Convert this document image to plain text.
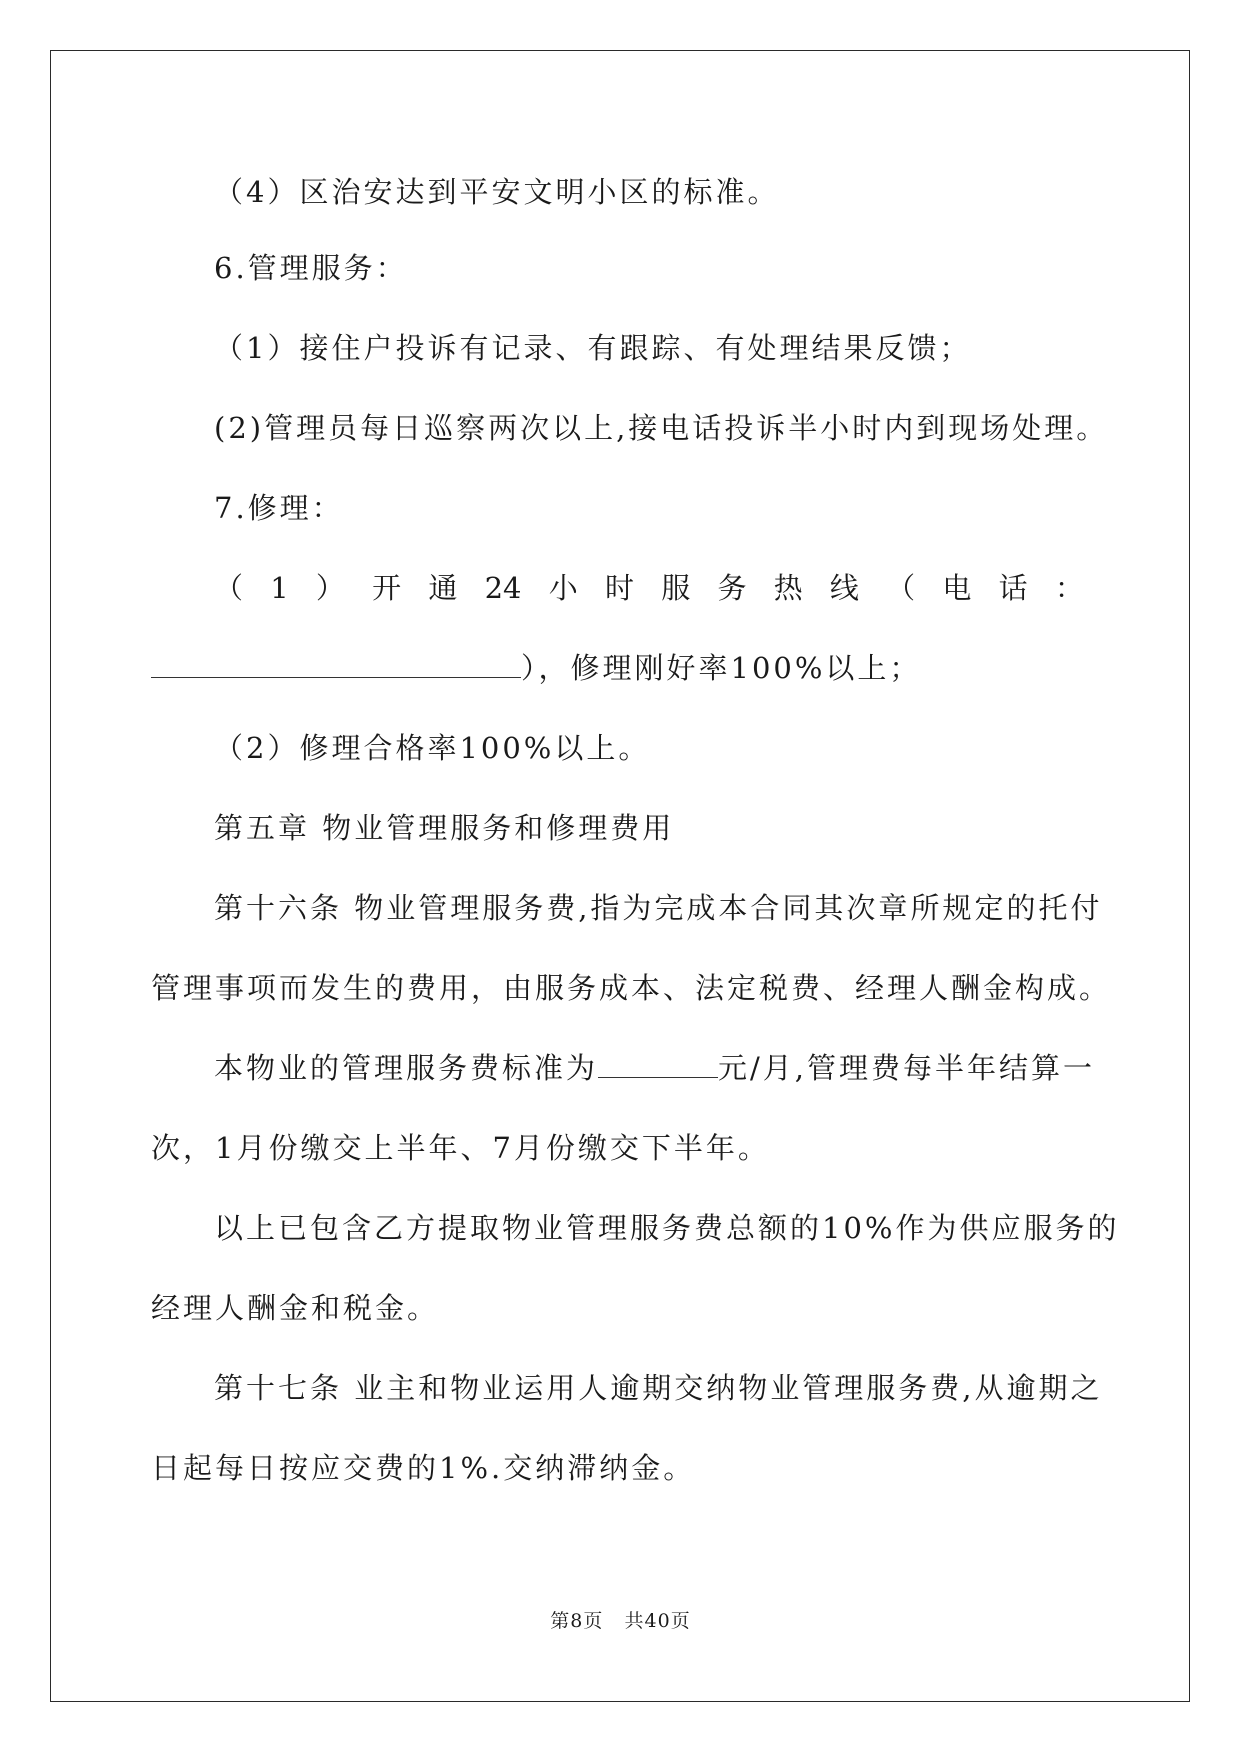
（4）区治安达到平安文明小区的标准。
6.管理服务：
（1）接住户投诉有记录、有跟踪、有处理结果反馈；
(2)管理员每日巡察两次以上,接电话投诉半小时内到现场处理。
7.修理：
（ 1 ） 开 通 24 小 时 服 务 热 线 （ 电 话 ：
），修理刚好率100%以上；
（2）修理合格率100%以上。
第五章 物业管理服务和修理费用
第十六条 物业管理服务费,指为完成本合同其次章所规定的托付
管理事项而发生的费用，由服务成本、法定税费、经理人酬金构成。
本物业的管理服务费标准为	元/月,管理费每半年结算一
次，1月份缴交上半年、7月份缴交下半年。
以上已包含乙方提取物业管理服务费总额的10%作为供应服务的
经理人酬金和税金。
第十七条 业主和物业运用人逾期交纳物业管理服务费,从逾期之
日起每日按应交费的1%.交纳滞纳金。
第8页 共40页
